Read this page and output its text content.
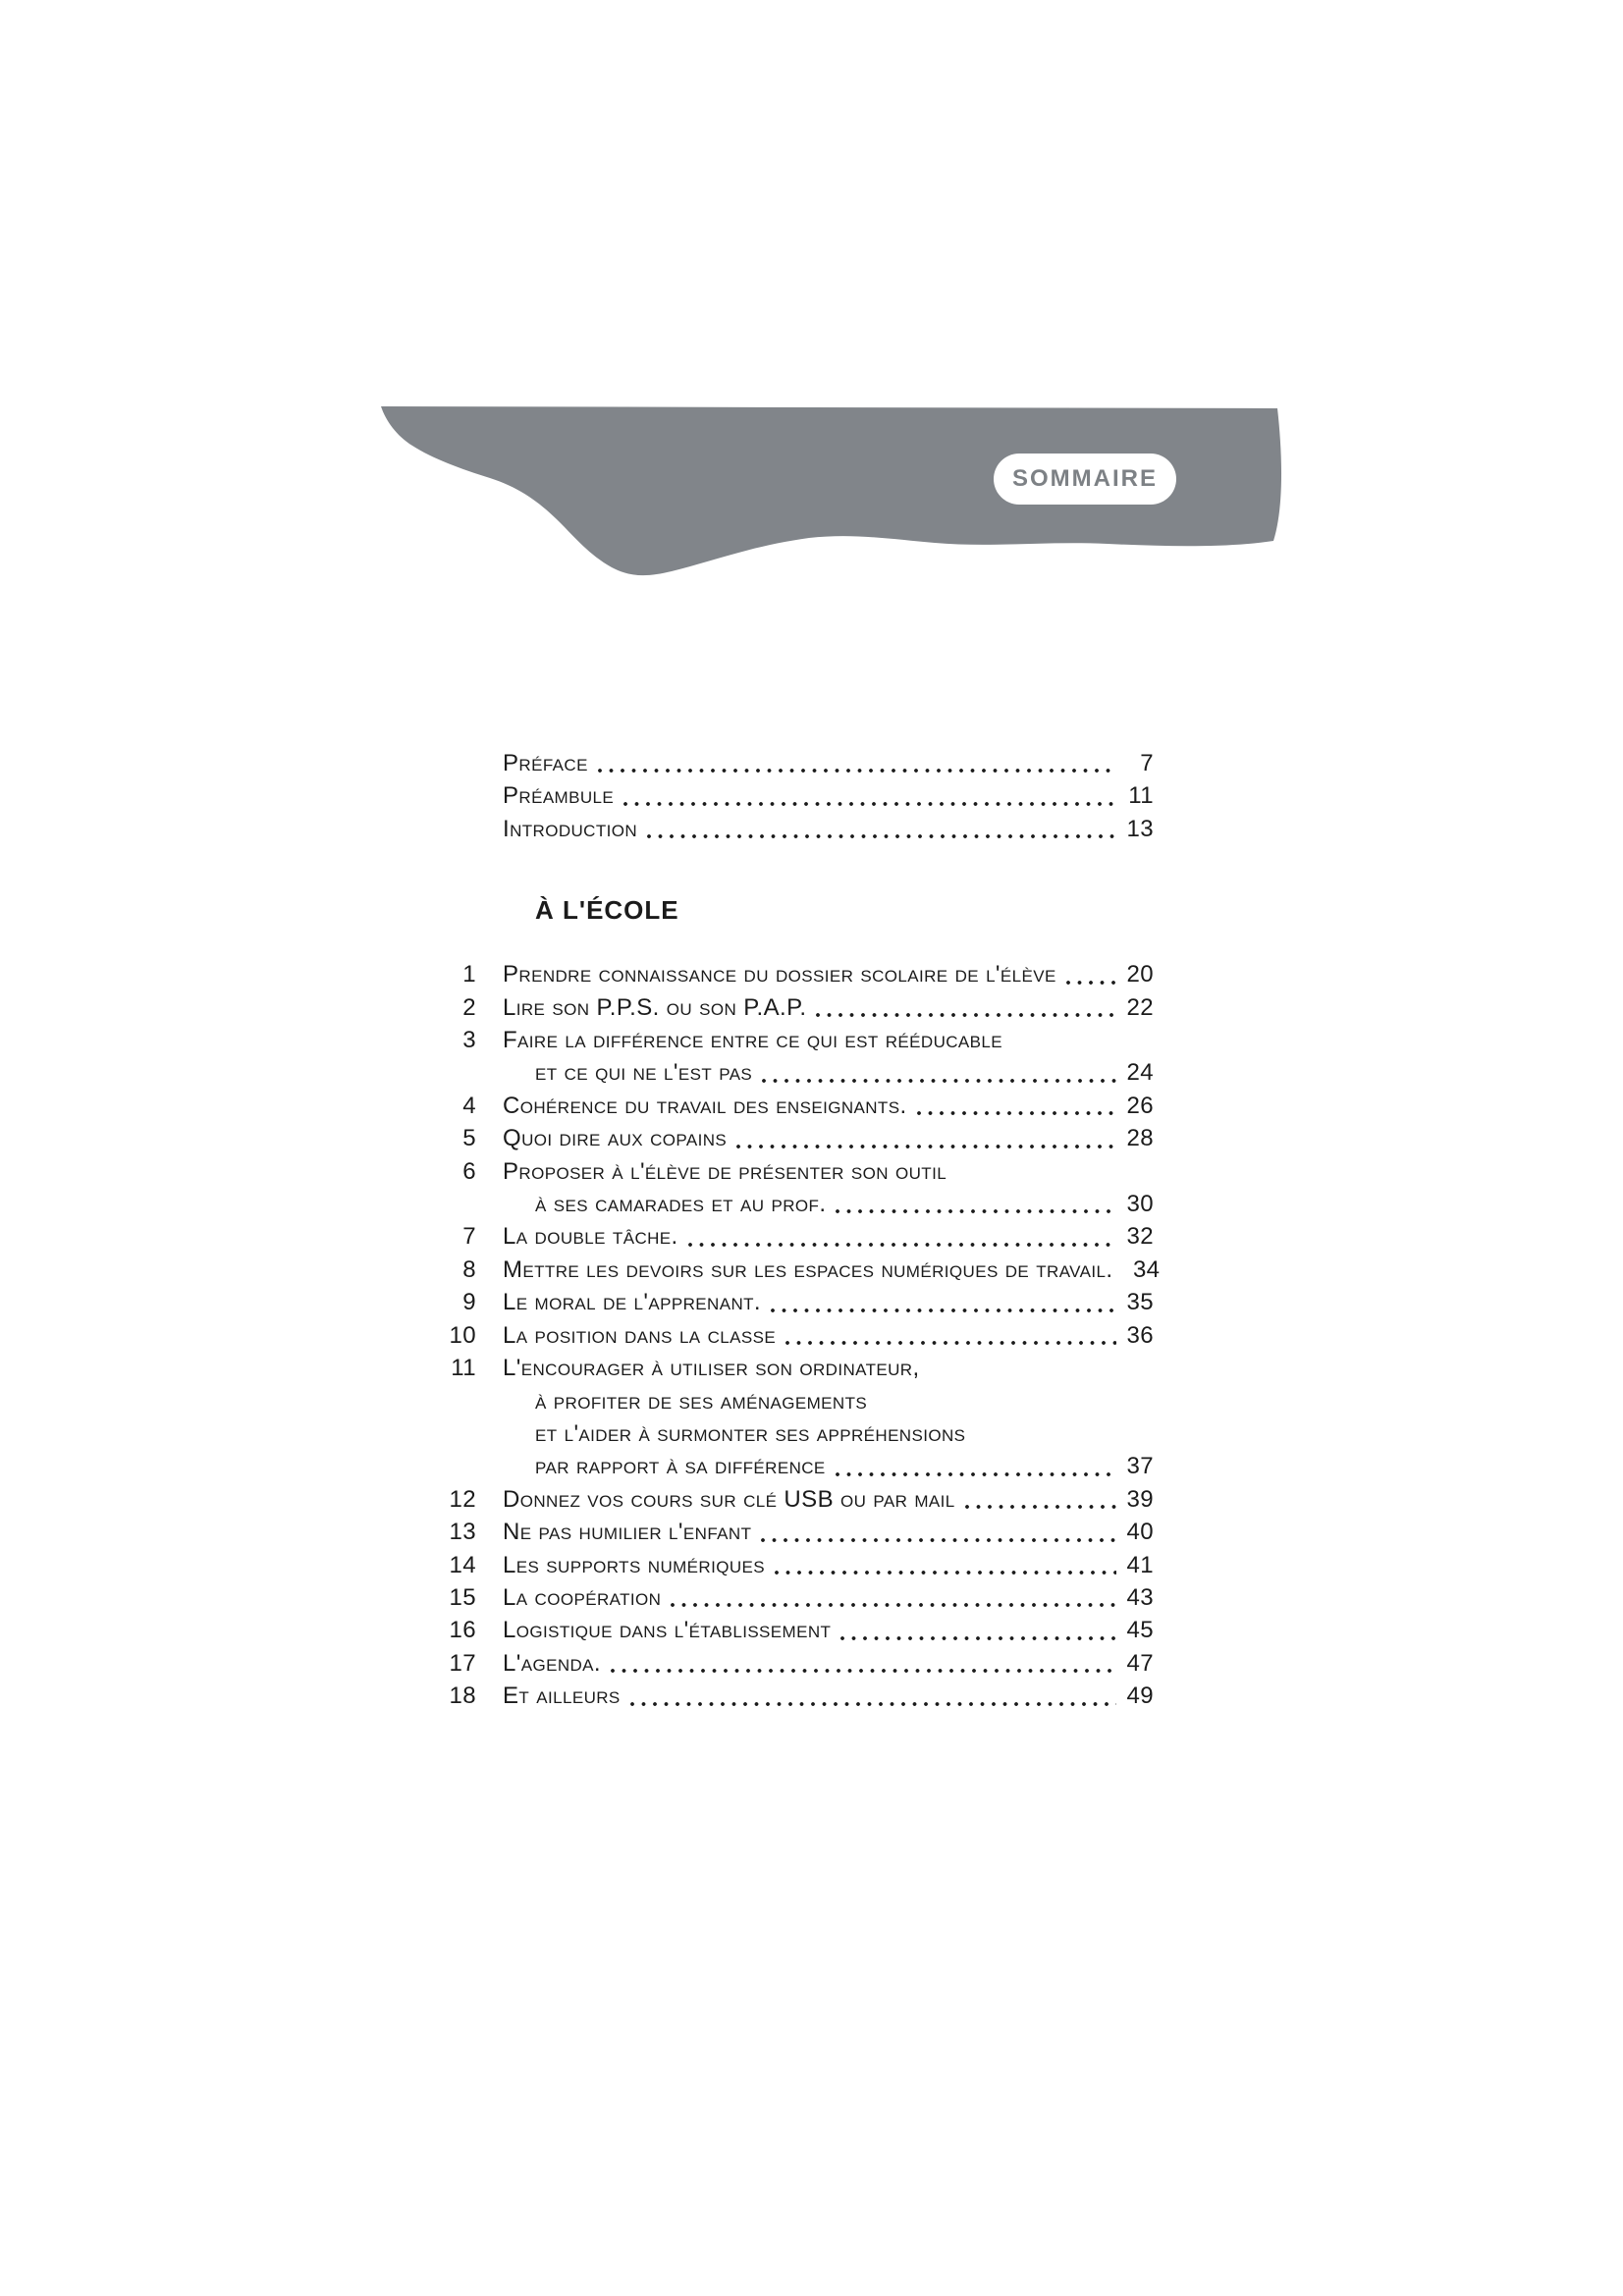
SOMMAIRE
Préface	7
Préambule	11
Introduction	13
À L'ÉCOLE
1 Prendre connaissance du dossier scolaire de l'élève	20
2 Lire son P.P.S. ou son P.A.P.	22
3 Faire la différence entre ce qui est rééducable
et ce qui ne l'est pas	24
4 Cohérence du travail des enseignants.	26
5 Quoi dire aux copains	28
6 Proposer à l'élève de présenter son outil
à ses camarades et au prof.	30
7 La double tâche.	32
8 Mettre les devoirs sur les espaces numériques de travail. 34
9 Le moral de l'apprenant.	35
10 La position dans la classe	36
11 L'encourager à utiliser son ordinateur,
à profiter de ses aménagements
et l'aider à surmonter ses appréhensions
par rapport à sa différence	37
12 Donnez vos cours sur clé USB ou par mail	39
13 Ne pas humilier l'enfant	40
14 Les supports numériques	41
15 La coopération	43
16 Logistique dans l'établissement	45
17 L'agenda.	47
18 Et ailleurs	49
